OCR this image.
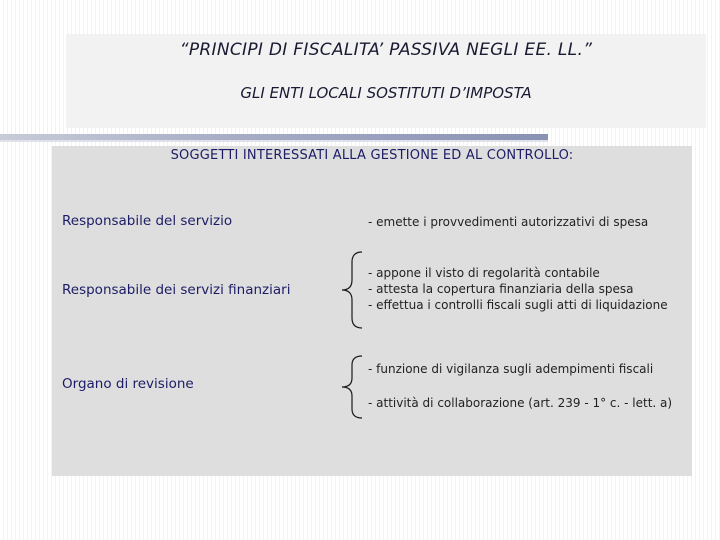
“PRINCIPI DI FISCALITA’ PASSIVA NEGLI EE. LL.”
GLI ENTI LOCALI SOSTITUTI D’IMPOSTA
SOGGETTI INTERESSATI ALLA GESTIONE ED AL CONTROLLO:
Responsabile del servizio	- emette i provvedimenti autorizzativi di spesa
Responsabile dei servizi finanziari
- appone il visto di regolarità contabile
- attesta la copertura finanziaria della spesa
- effettua i controlli fiscali sugli atti di liquidazione
Organo di revisione
- funzione di vigilanza sugli adempimenti fiscali
- attività di collaborazione (art. 239 - 1° c. - lett. a)
